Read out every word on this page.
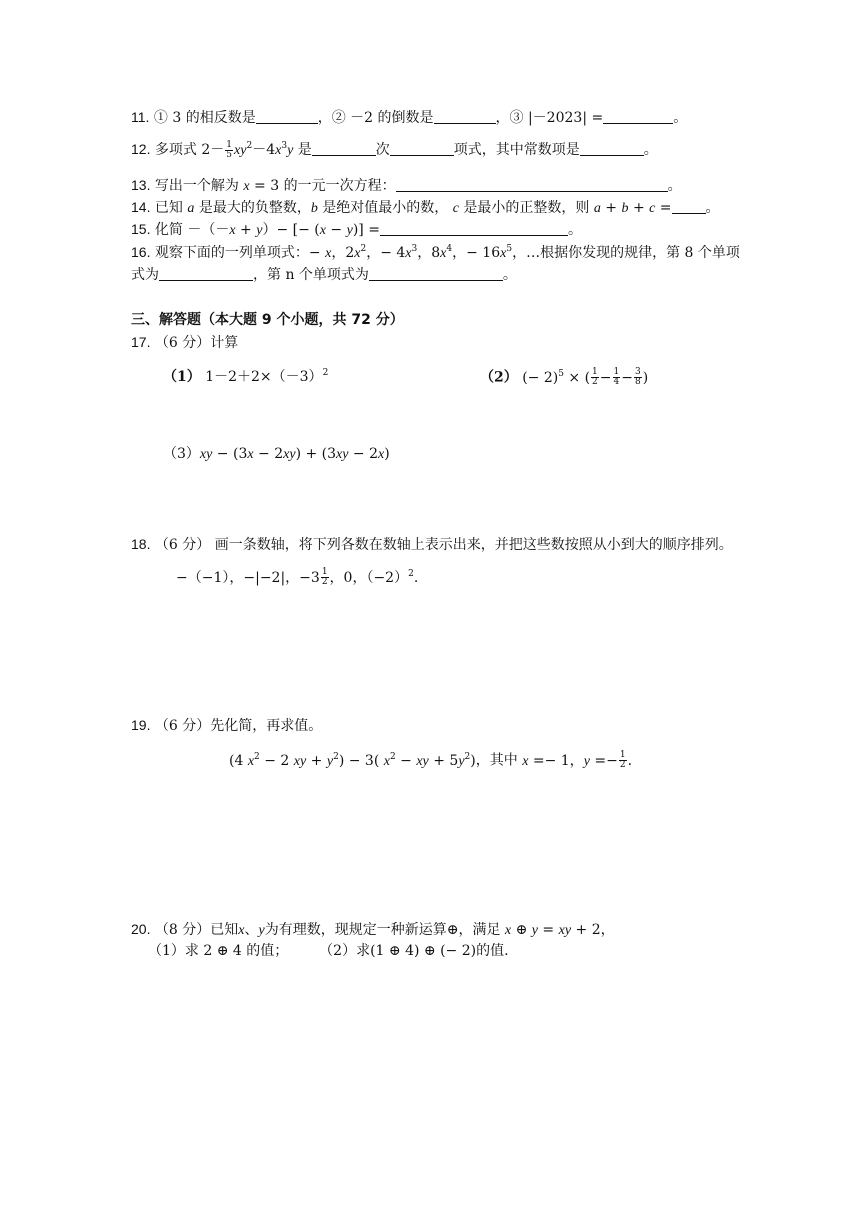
11. ① 3 的相反数是	，② －2 的倒数是	，③ |－2023| =	。
12. 多项式 $2- \frac{1}{5} xy^2-4x^3y$ 是	次	项式，其中常数项是	。
13. 写出一个解为 x = 3 的一元一次方程：	。
14. 已知 a 是最大的负整数，b 是绝对值最小的数， c 是最小的正整数，则 a + b + c = 。
15. 化简 －（－x + y）− [− (x − y)] =	。
16. 观察下面的一列单项式：− x，$2x^2$，− $4x^3$，$8x^4$，− $16x^5$，…根据你发现的规律，第 8 个单项
式为	，第 n 个单项式为	。
三、解答题（本大题 9 个小题，共 72 分）
17. （6 分）计算
（1） $1-2+2\times(-3)^2$	（2） (− 2)$^5$ × ( $\frac{1}{2} - \frac{1}{4} - \frac{3}{8}$ )
（3）xy − (3x − 2xy) + (3xy − 2x)
18. （6 分） 画一条数轴，将下列各数在数轴上表示出来，并把这些数按照从小到大的顺序排列。
−（−1），−|−2|，$-3 \frac{1}{2}$ ，0，$(-2)^2$.
19. （6 分）先化简，再求值。
(4 $x^2 - 2$ xy + $y^2) - 3$( $x^2$ − xy + $5y^2$)，其中 x =− 1，$y =- \frac{1}{2}$ .
20. （8 分）已知x、y为有理数，现规定一种新运算⊕，满足 x ⊕ y = xy + 2，
（1）求 2 ⊕ 4 的值； （2）求(1 ⊕ 4) ⊕ (− 2)的值.
